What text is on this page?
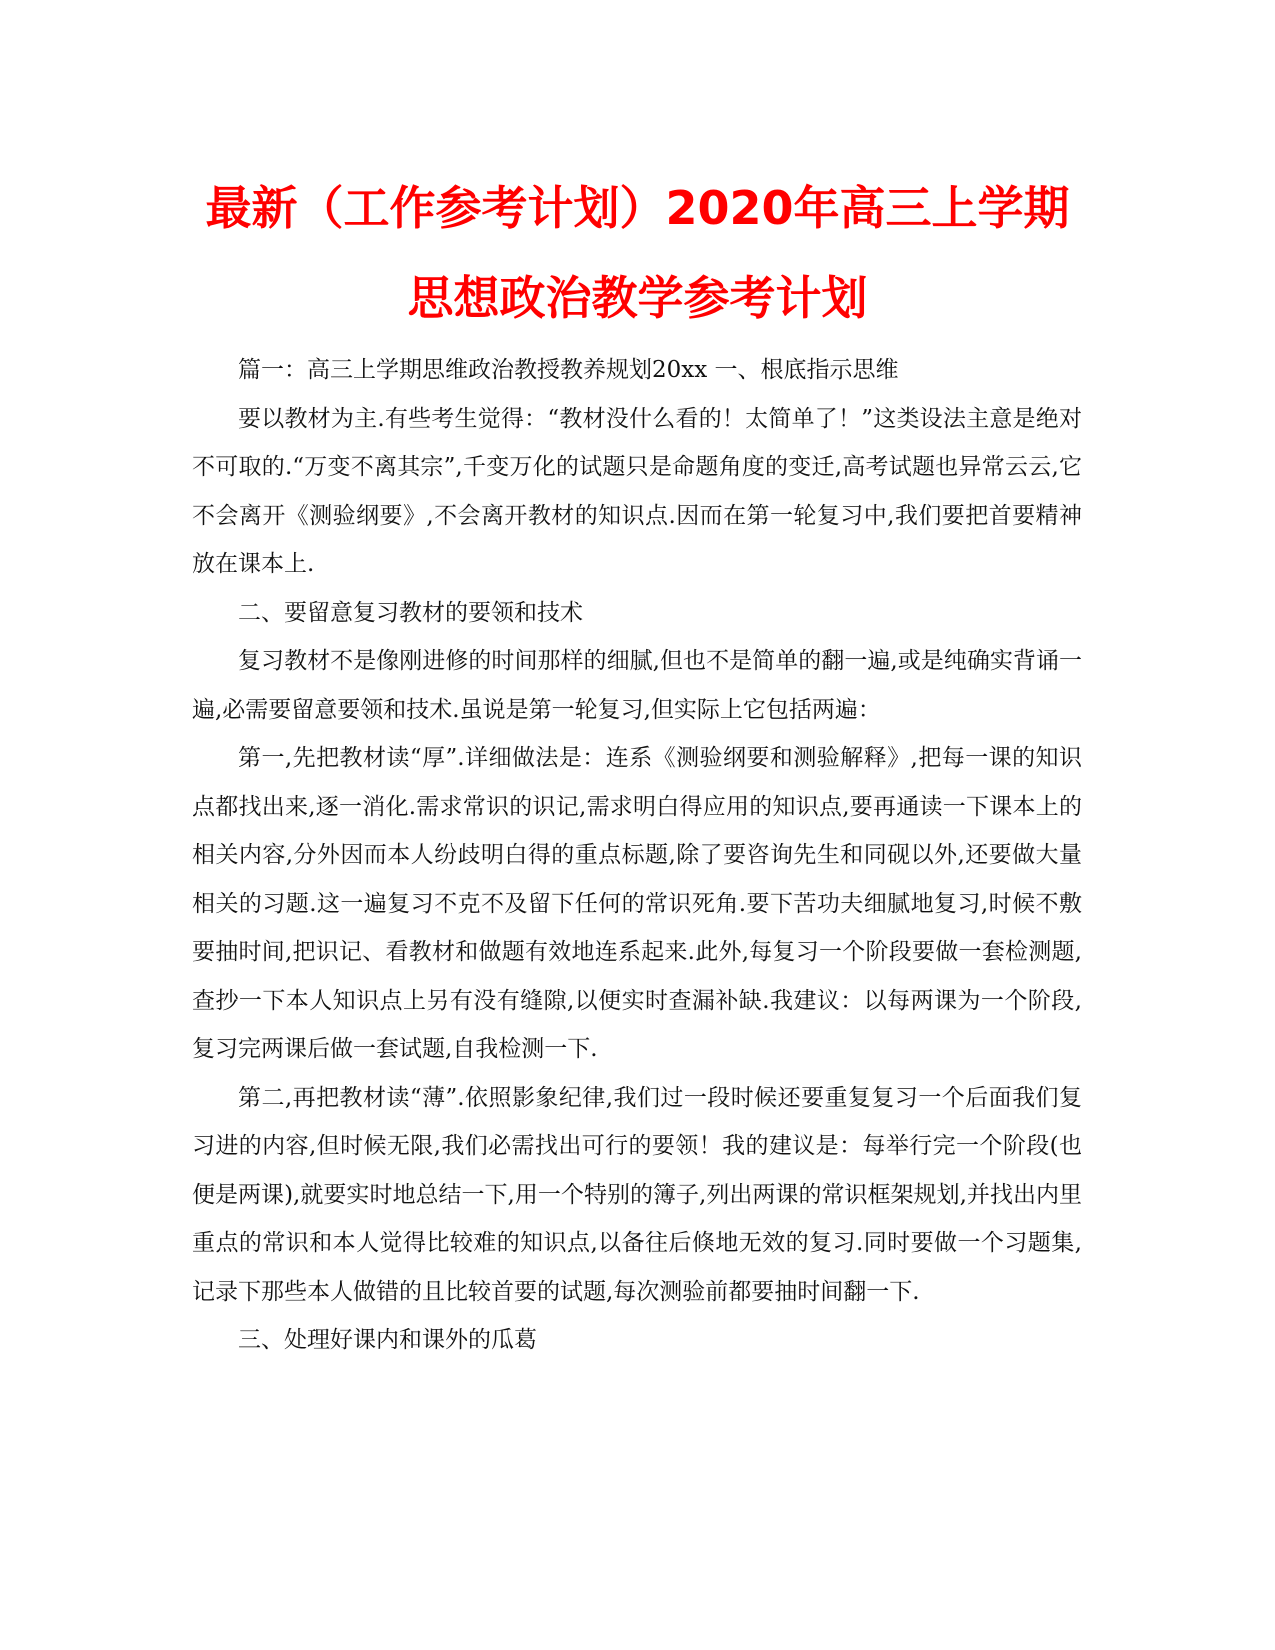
最新（工作参考计划）2020年高三上学期
思想政治教学参考计划

篇一：高三上学期思维政治教授教养规划20xx 一、根底指示思维

要以教材为主.有些考生觉得：“教材没什么看的！太简单了！”这类设法主意是绝对不可取的.“万变不离其宗”,千变万化的试题只是命题角度的变迁,高考试题也异常云云,它不会离开《测验纲要》,不会离开教材的知识点.因而在第一轮复习中,我们要把首要精神放在课本上.

二、要留意复习教材的要领和技术

复习教材不是像刚进修的时间那样的细腻,但也不是简单的翻一遍,或是纯确实背诵一遍,必需要留意要领和技术.虽说是第一轮复习,但实际上它包括两遍：

第一,先把教材读“厚”.详细做法是：连系《测验纲要和测验解释》,把每一课的知识点都找出来,逐一消化.需求常识的识记,需求明白得应用的知识点,要再通读一下课本上的相关内容,分外因而本人纷歧明白得的重点标题,除了要咨询先生和同砚以外,还要做大量相关的习题.这一遍复习不克不及留下任何的常识死角.要下苦功夫细腻地复习,时候不敷要抽时间,把识记、看教材和做题有效地连系起来.此外,每复习一个阶段要做一套检测题,查抄一下本人知识点上另有没有缝隙,以便实时查漏补缺.我建议：以每两课为一个阶段,复习完两课后做一套试题,自我检测一下.

第二,再把教材读“薄”.依照影象纪律,我们过一段时候还要重复复习一个后面我们复习进的内容,但时候无限,我们必需找出可行的要领！我的建议是：每举行完一个阶段(也便是两课),就要实时地总结一下,用一个特别的簿子,列出两课的常识框架规划,并找出内里重点的常识和本人觉得比较难的知识点,以备往后倏地无效的复习.同时要做一个习题集,记录下那些本人做错的且比较首要的试题,每次测验前都要抽时间翻一下.

三、处理好课内和课外的瓜葛
